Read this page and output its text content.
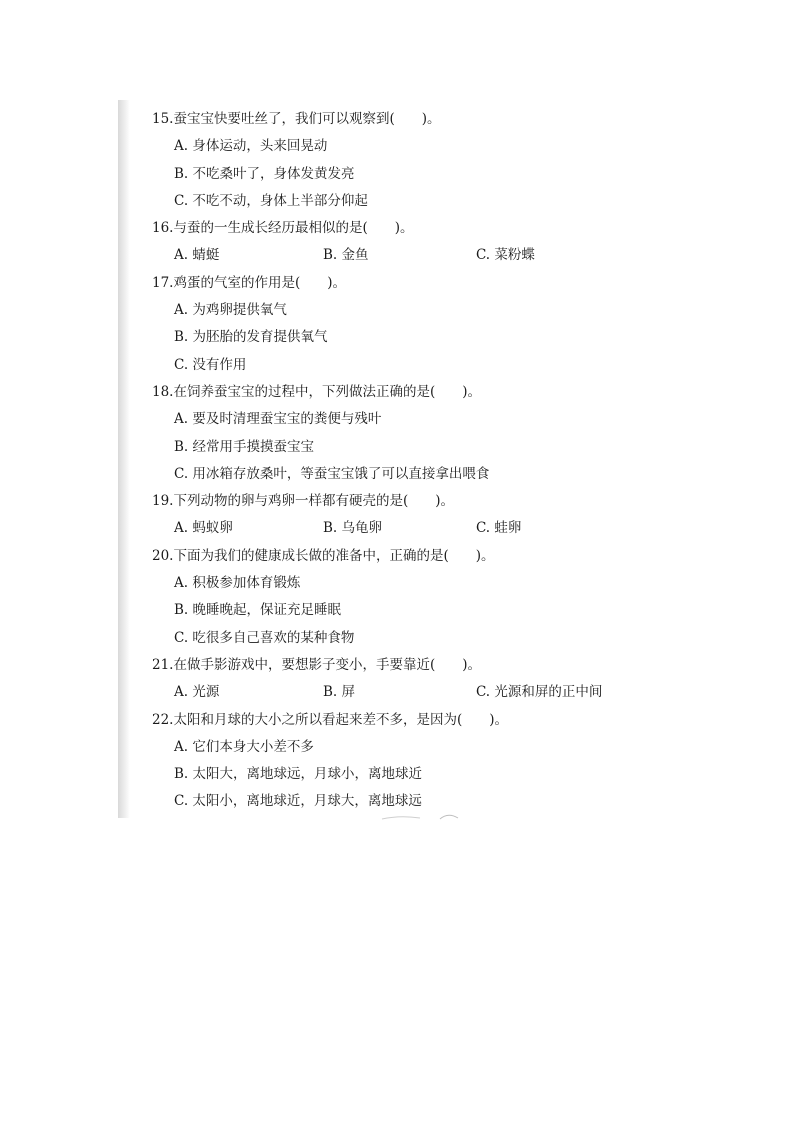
15.蚕宝宝快要吐丝了，我们可以观察到(　　)。
A. 身体运动，头来回晃动
B. 不吃桑叶了，身体发黄发亮
C. 不吃不动，身体上半部分仰起
16.与蚕的一生成长经历最相似的是(　　)。
A. 蜻蜓	B. 金鱼	C. 菜粉蝶
17.鸡蛋的气室的作用是(　　)。
A. 为鸡卵提供氧气
B. 为胚胎的发育提供氧气
C. 没有作用
18.在饲养蚕宝宝的过程中，下列做法正确的是(　　)。
A. 要及时清理蚕宝宝的粪便与残叶
B. 经常用手摸摸蚕宝宝
C. 用冰箱存放桑叶，等蚕宝宝饿了可以直接拿出喂食
19.下列动物的卵与鸡卵一样都有硬壳的是(　　)。
A. 蚂蚁卵	B. 乌龟卵	C. 蛙卵
20.下面为我们的健康成长做的准备中，正确的是(　　)。
A. 积极参加体育锻炼
B. 晚睡晚起，保证充足睡眠
C. 吃很多自己喜欢的某种食物
21.在做手影游戏中，要想影子变小，手要靠近(　　)。
A. 光源	B. 屏	C. 光源和屏的正中间
22.太阳和月球的大小之所以看起来差不多，是因为(　　)。
A. 它们本身大小差不多
B. 太阳大，离地球远，月球小，离地球近
C. 太阳小，离地球近，月球大，离地球远
